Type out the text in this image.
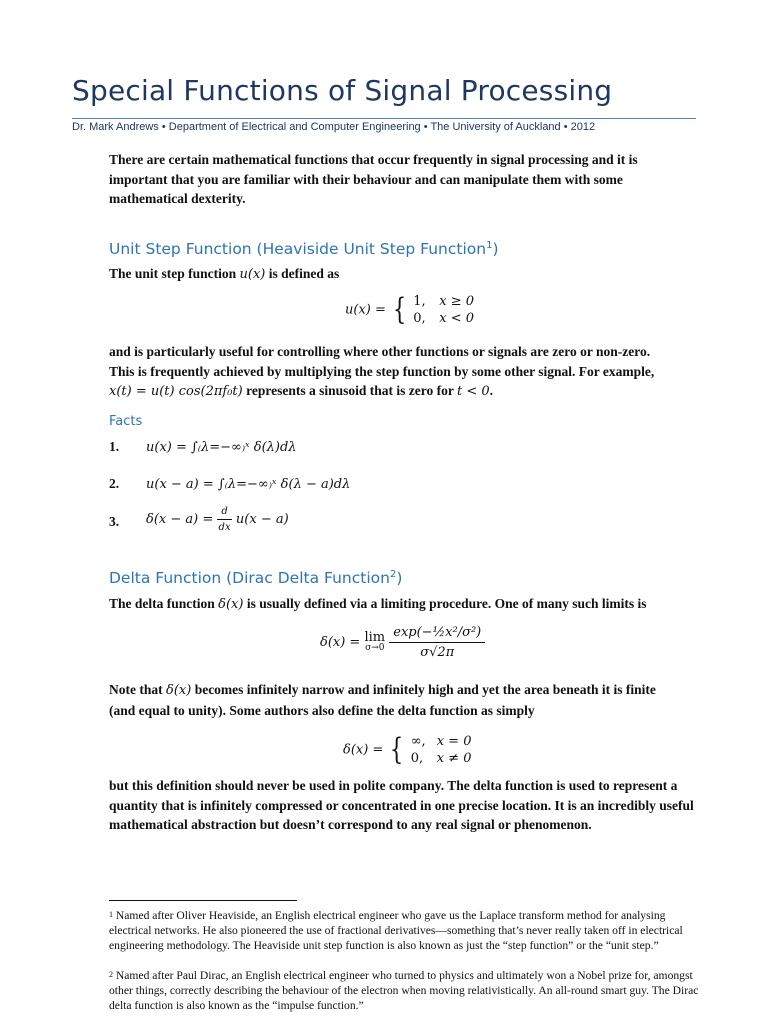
Special Functions of Signal Processing
Dr. Mark Andrews • Department of Electrical and Computer Engineering • The University of Auckland • 2012
There are certain mathematical functions that occur frequently in signal processing and it is important that you are familiar with their behaviour and can manipulate them with some mathematical dexterity.
Unit Step Function (Heaviside Unit Step Function$^1$)
The unit step function u(x) is defined as
u(x) = { 1, x ≥ 0
0, x < 0
and is particularly useful for controlling where other functions or signals are zero or non-zero.
This is frequently achieved by multiplying the step function by some other signal. For example,
x(t) = u(t) cos(2πf₀t) represents a sinusoid that is zero for t < 0.
Facts
1. u(x) = ∫₍λ=−∞₎ˣ δ(λ)dλ
2. u(x − a) = ∫₍λ=−∞₎ˣ δ(λ − a)dλ
3. $\delta(x - a) = \frac{d}{dx} u(x - a)$
Delta Function (Dirac Delta Function$^2$)
The delta function δ(x) is usually defined via a limiting procedure. One of many such limits is
δ(x) = lim
σ→0
$\frac{\text{exp(−½x²/σ²)}}{\sigma√2\pi}$
Note that δ(x) becomes infinitely narrow and infinitely high and yet the area beneath it is finite
(and equal to unity). Some authors also define the delta function as simply
δ(x) = { ∞, x = 0
0, x ≠ 0
but this definition should never be used in polite company. The delta function is used to represent a quantity that is infinitely compressed or concentrated in one precise location. It is an incredibly useful mathematical abstraction but doesn’t correspond to any real signal or phenomenon.
1 Named after Oliver Heaviside, an English electrical engineer who gave us the Laplace transform method for analysing electrical networks. He also pioneered the use of fractional derivatives—something that’s never really taken off in electrical engineering methodology. The Heaviside unit step function is also known as just the “step function” or the “unit step.”
2 Named after Paul Dirac, an English electrical engineer who turned to physics and ultimately won a Nobel prize for, amongst other things, correctly describing the behaviour of the electron when moving relativistically. An all-round smart guy. The Dirac delta function is also known as the “impulse function.”
